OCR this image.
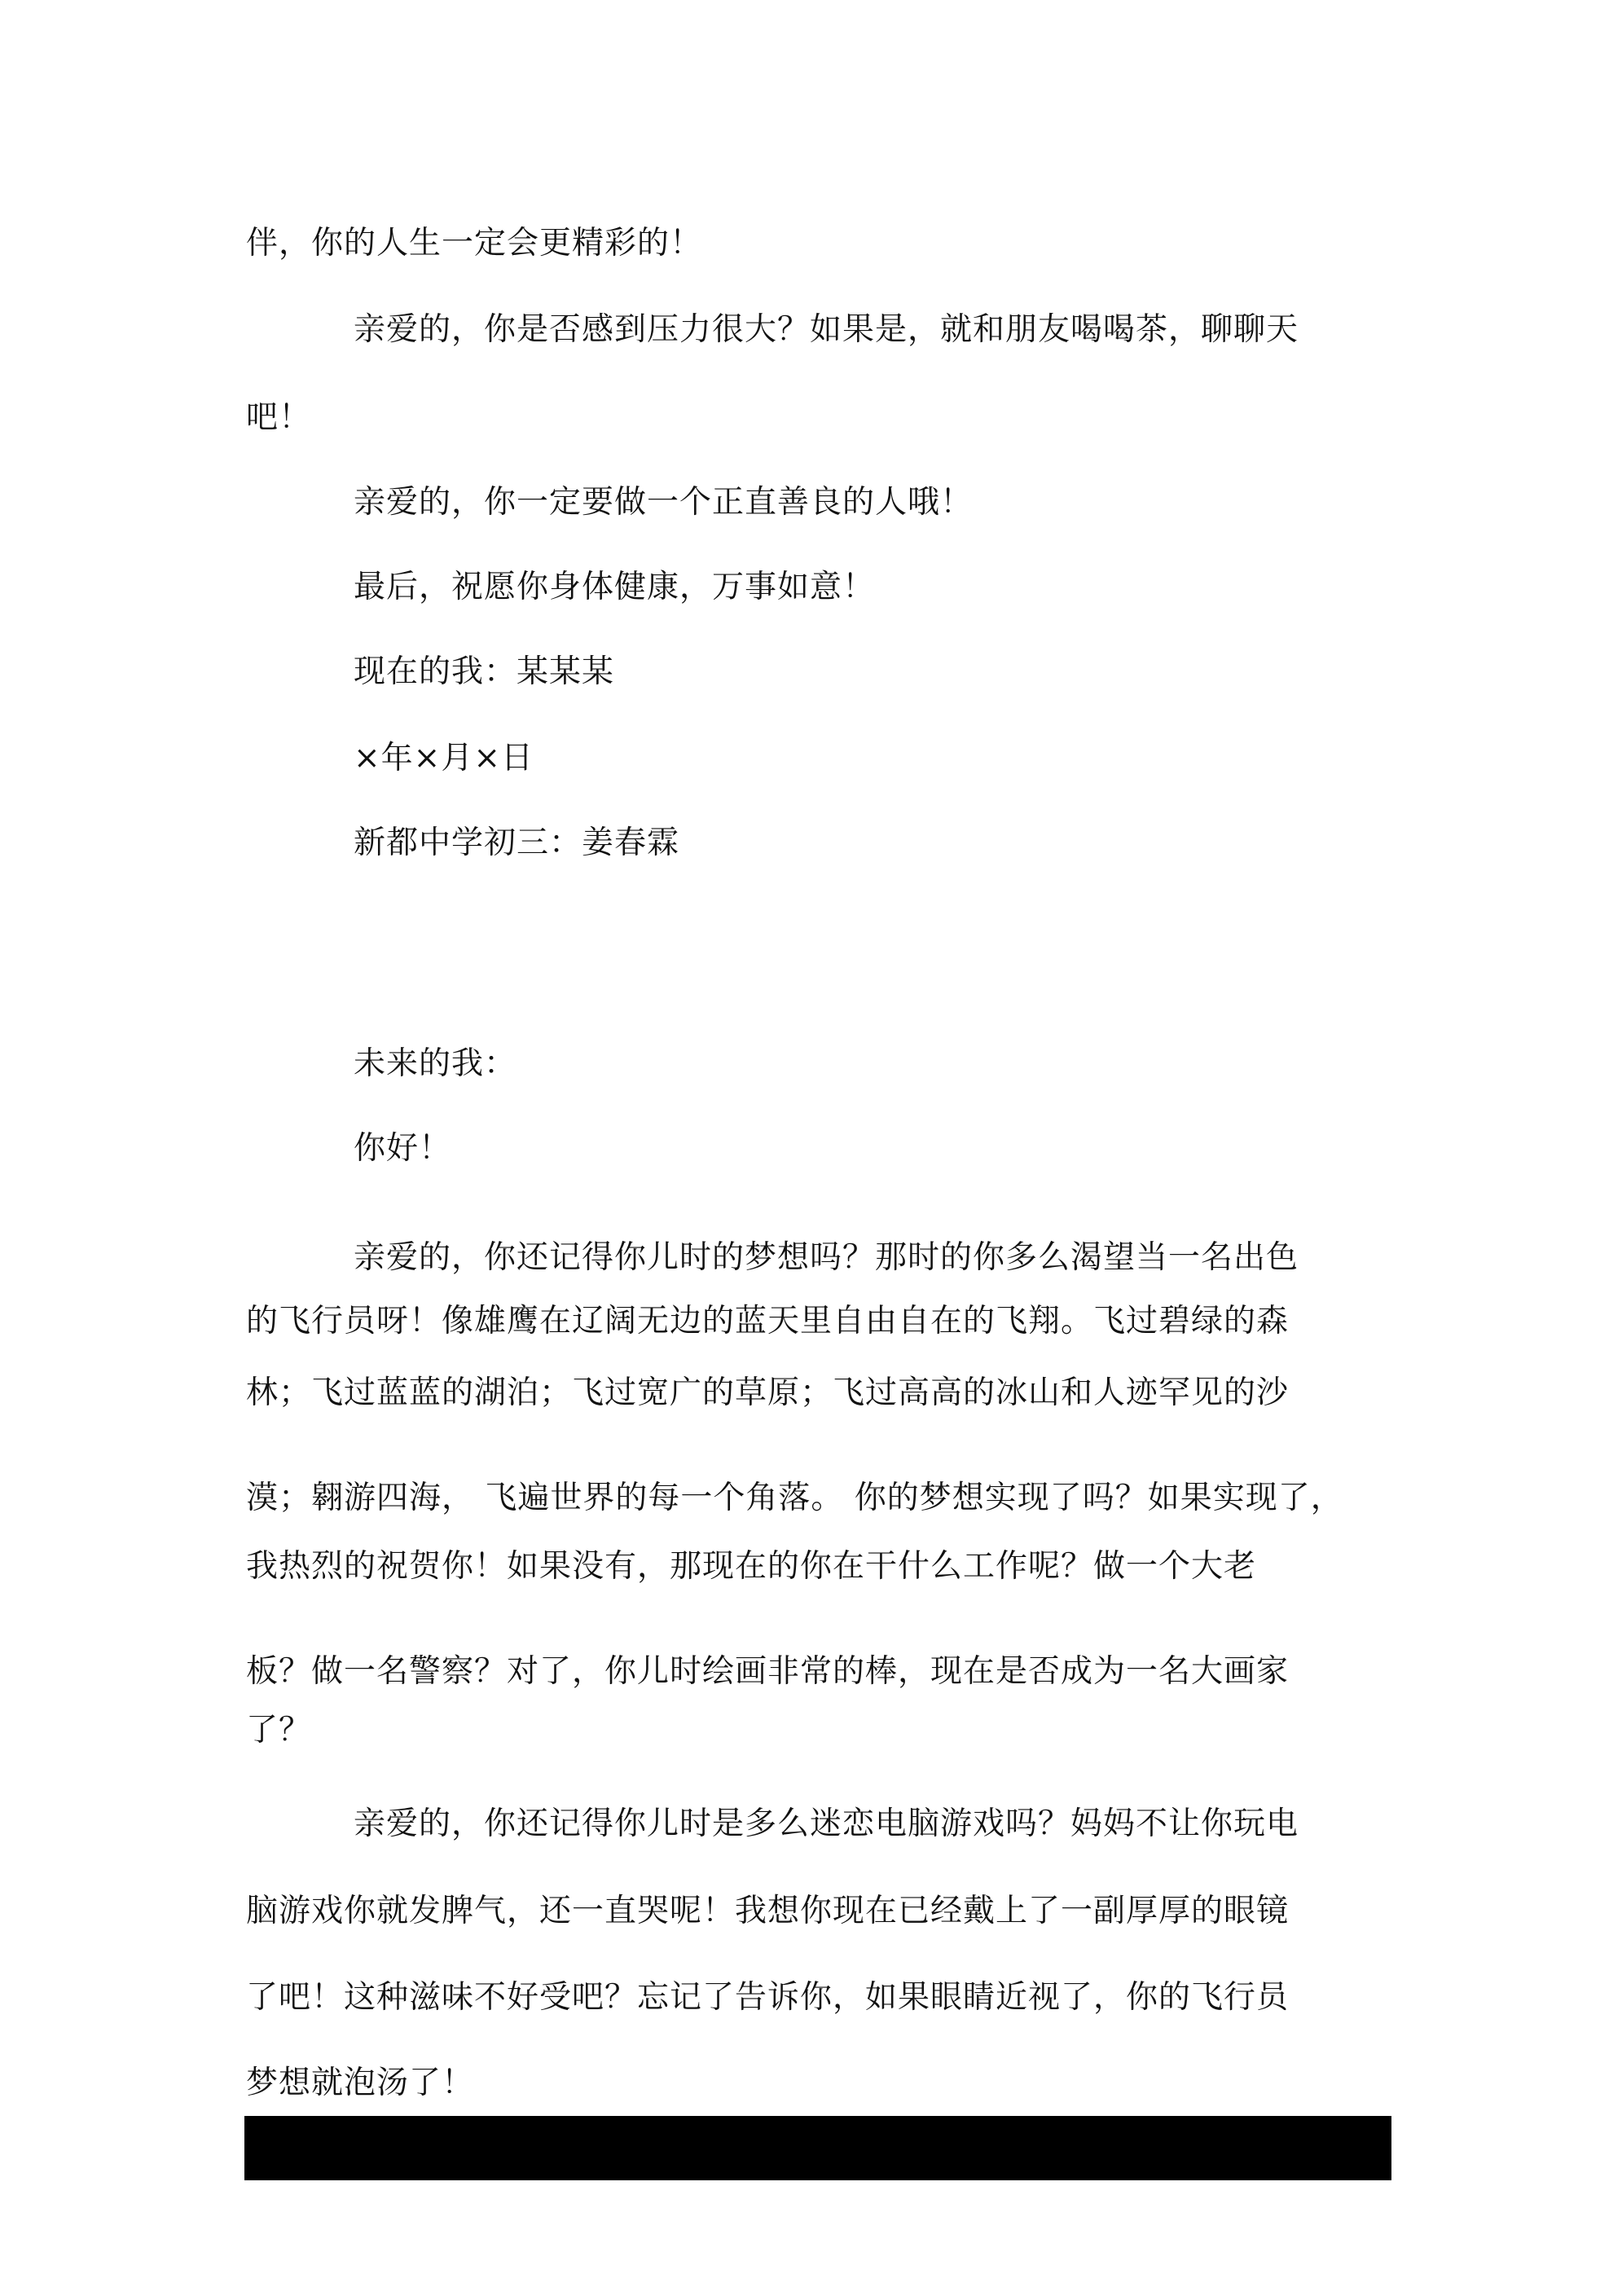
伴，你的人生一定会更精彩的！
亲爱的，你是否感到压力很大？如果是，就和朋友喝喝茶，聊聊天
吧！
亲爱的，你一定要做一个正直善良的人哦！
最后，祝愿你身体健康，万事如意！
现在的我：某某某
×年×月×日
新都中学初三：姜春霖
未来的我：
你好！
亲爱的，你还记得你儿时的梦想吗？那时的你多么渴望当一名出色
的飞行员呀！像雄鹰在辽阔无边的蓝天里自由自在的飞翔。飞过碧绿的森
林；飞过蓝蓝的湖泊；飞过宽广的草原；飞过高高的冰山和人迹罕见的沙
漠；翱游四海， 飞遍世界的每一个角落。 你的梦想实现了吗？如果实现了，
我热烈的祝贺你！如果没有，那现在的你在干什么工作呢？做一个大老
板？做一名警察？对了，你儿时绘画非常的棒，现在是否成为一名大画家
了？
亲爱的，你还记得你儿时是多么迷恋电脑游戏吗？妈妈不让你玩电
脑游戏你就发脾气，还一直哭呢！我想你现在已经戴上了一副厚厚的眼镜
了吧！这种滋味不好受吧？忘记了告诉你，如果眼睛近视了，你的飞行员
梦想就泡汤了！
